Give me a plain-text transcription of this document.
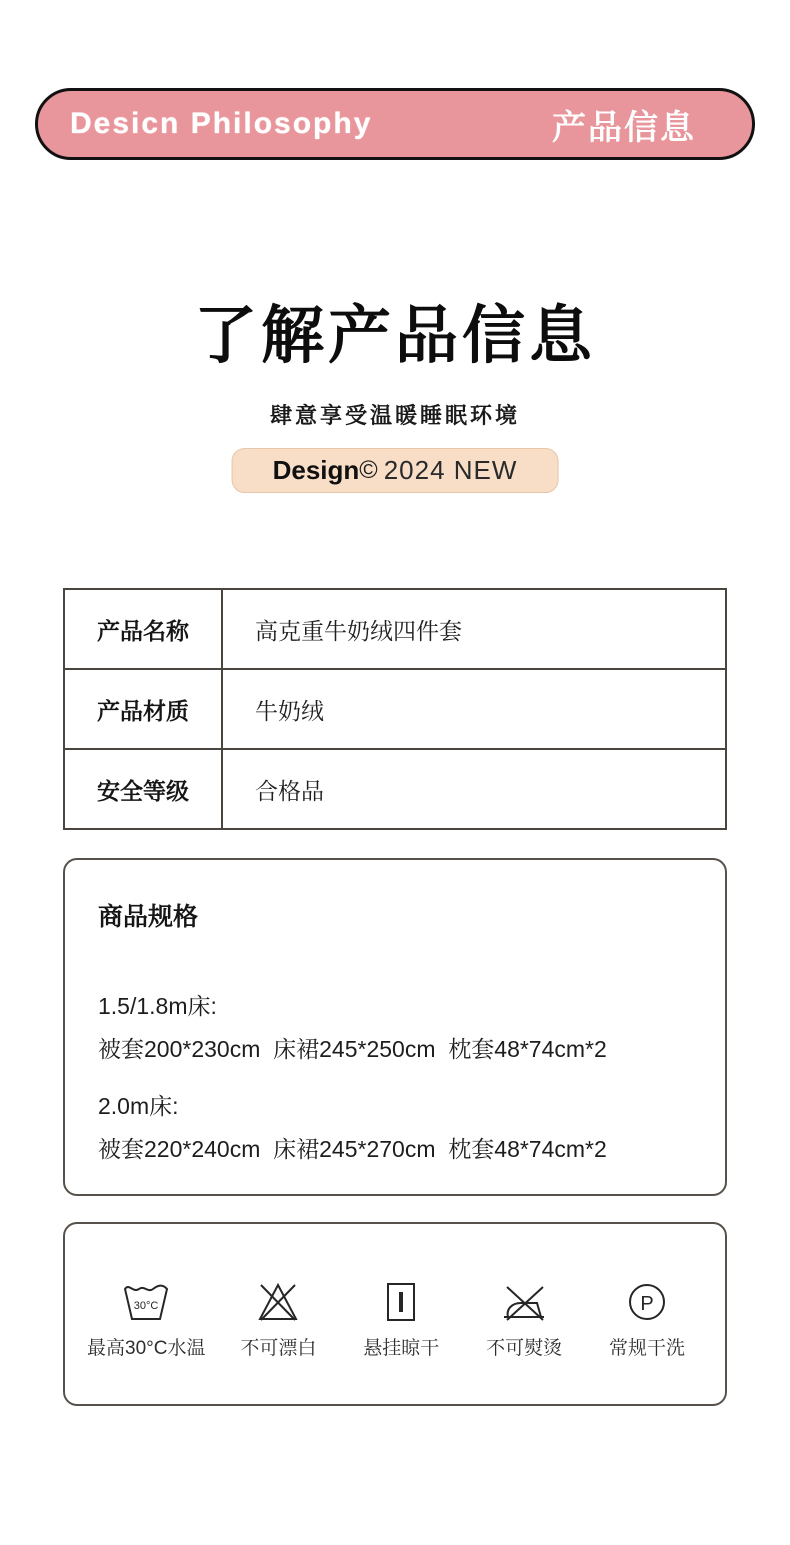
Desicn Philosophy	产品信息
了解产品信息
肆意享受温暖睡眠环境
Design © 2024 NEW
产品名称	高克重牛奶绒四件套
产品材质	牛奶绒
安全等级	合格品
商品规格
1.5/1.8m床:
被套200*230cm  床裙245*250cm  枕套48*74cm*2
2.0m床:
被套220*240cm  床裙245*270cm  枕套48*74cm*2
30°C
最高30°C水温 不可漂白 悬挂晾干 不可熨烫
P
常规干洗
